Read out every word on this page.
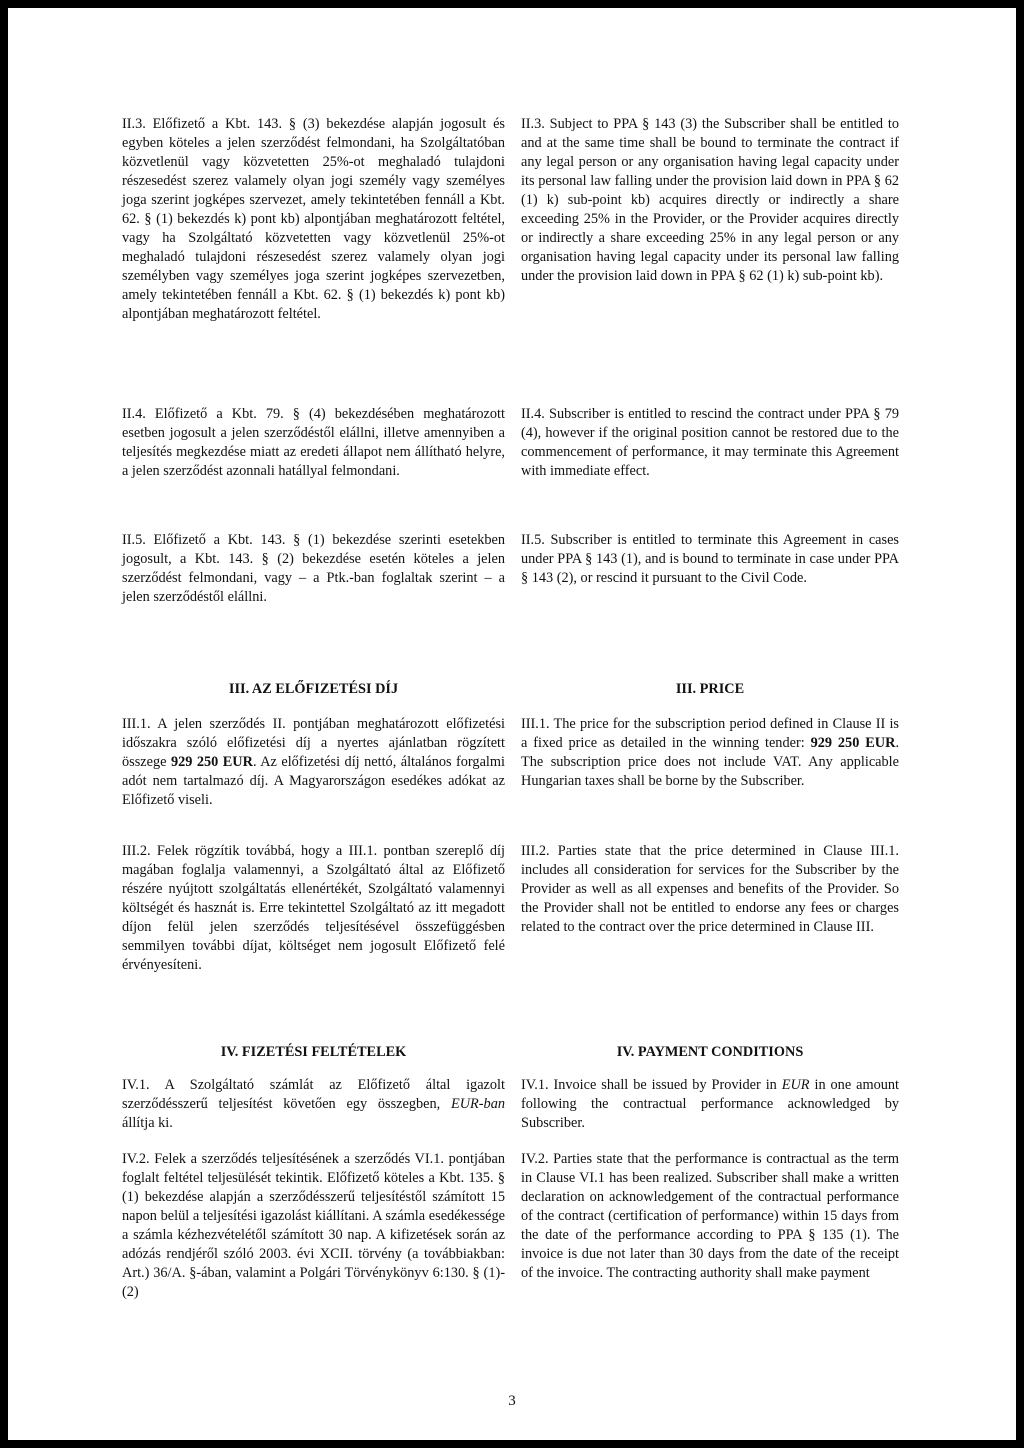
II.3. Előfizető a Kbt. 143. § (3) bekezdése alapján jogosult és egyben köteles a jelen szerződést felmondani, ha Szolgáltatóban közvetlenül vagy közvetetten 25%-ot meghaladó tulajdoni részesedést szerez valamely olyan jogi személy vagy személyes joga szerint jogképes szervezet, amely tekintetében fennáll a Kbt. 62. § (1) bekezdés k) pont kb) alpontjában meghatározott feltétel, vagy ha Szolgáltató közvetetten vagy közvetlenül 25%-ot meghaladó tulajdoni részesedést szerez valamely olyan jogi személyben vagy személyes joga szerint jogképes szervezetben, amely tekintetében fennáll a Kbt. 62. § (1) bekezdés k) pont kb) alpontjában meghatározott feltétel.
II.3. Subject to PPA § 143 (3) the Subscriber shall be entitled to and at the same time shall be bound to terminate the contract if any legal person or any organisation having legal capacity under its personal law falling under the provision laid down in PPA § 62 (1) k) sub-point kb) acquires directly or indirectly a share exceeding 25% in the Provider, or the Provider acquires directly or indirectly a share exceeding 25% in any legal person or any organisation having legal capacity under its personal law falling under the provision laid down in PPA § 62 (1) k) sub-point kb).
II.4. Előfizető a Kbt. 79. § (4) bekezdésében meghatározott esetben jogosult a jelen szerződéstől elállni, illetve amennyiben a teljesítés megkezdése miatt az eredeti állapot nem állítható helyre, a jelen szerződést azonnali hatállyal felmondani.
II.4. Subscriber is entitled to rescind the contract under PPA § 79 (4), however if the original position cannot be restored due to the commencement of performance, it may terminate this Agreement with immediate effect.
II.5. Előfizető a Kbt. 143. § (1) bekezdése szerinti esetekben jogosult, a Kbt. 143. § (2) bekezdése esetén köteles a jelen szerződést felmondani, vagy – a Ptk.-ban foglaltak szerint – a jelen szerződéstől elállni.
II.5. Subscriber is entitled to terminate this Agreement in cases under PPA § 143 (1), and is bound to terminate in case under PPA § 143 (2), or rescind it pursuant to the Civil Code.
III. AZ ELŐFIZETÉSI DÍJ	III. PRICE
III.1. A jelen szerződés II. pontjában meghatározott előfizetési időszakra szóló előfizetési díj a nyertes ajánlatban rögzített összege 929 250 EUR. Az előfizetési díj nettó, általános forgalmi adót nem tartalmazó díj. A Magyarországon esedékes adókat az Előfizető viseli.
III.1. The price for the subscription period defined in Clause II is a fixed price as detailed in the winning tender: 929 250 EUR. The subscription price does not include VAT. Any applicable Hungarian taxes shall be borne by the Subscriber.
III.2. Felek rögzítik továbbá, hogy a III.1. pontban szereplő díj magában foglalja valamennyi, a Szolgáltató által az Előfizető részére nyújtott szolgáltatás ellenértékét, Szolgáltató valamennyi költségét és hasznát is. Erre tekintettel Szolgáltató az itt megadott díjon felül jelen szerződés teljesítésével összefüggésben semmilyen további díjat, költséget nem jogosult Előfizető felé érvényesíteni.
III.2. Parties state that the price determined in Clause III.1. includes all consideration for services for the Subscriber by the Provider as well as all expenses and benefits of the Provider. So the Provider shall not be entitled to endorse any fees or charges related to the contract over the price determined in Clause III.
IV. FIZETÉSI FELTÉTELEK	IV. PAYMENT CONDITIONS
IV.1. A Szolgáltató számlát az Előfizető által igazolt szerződésszerű teljesítést követően egy összegben, EUR-ban állítja ki.
IV.1. Invoice shall be issued by Provider in EUR in one amount following the contractual performance acknowledged by Subscriber.
IV.2. Felek a szerződés teljesítésének a szerződés VI.1. pontjában foglalt feltétel teljesülését tekintik. Előfizető köteles a Kbt. 135. § (1) bekezdése alapján a szerződésszerű teljesítéstől számított 15 napon belül a teljesítési igazolást kiállítani. A számla esedékessége a számla kézhezvételétől számított 30 nap. A kifizetések során az adózás rendjéről szóló 2003. évi XCII. törvény (a továbbiakban: Art.) 36/A. §-ában, valamint a Polgári Törvénykönyv 6:130. § (1)-(2)
IV.2. Parties state that the performance is contractual as the term in Clause VI.1 has been realized. Subscriber shall make a written declaration on acknowledgement of the contractual performance of the contract (certification of performance) within 15 days from the date of the performance according to PPA § 135 (1). The invoice is due not later than 30 days from the date of the receipt of the invoice. The contracting authority shall make payment
3
